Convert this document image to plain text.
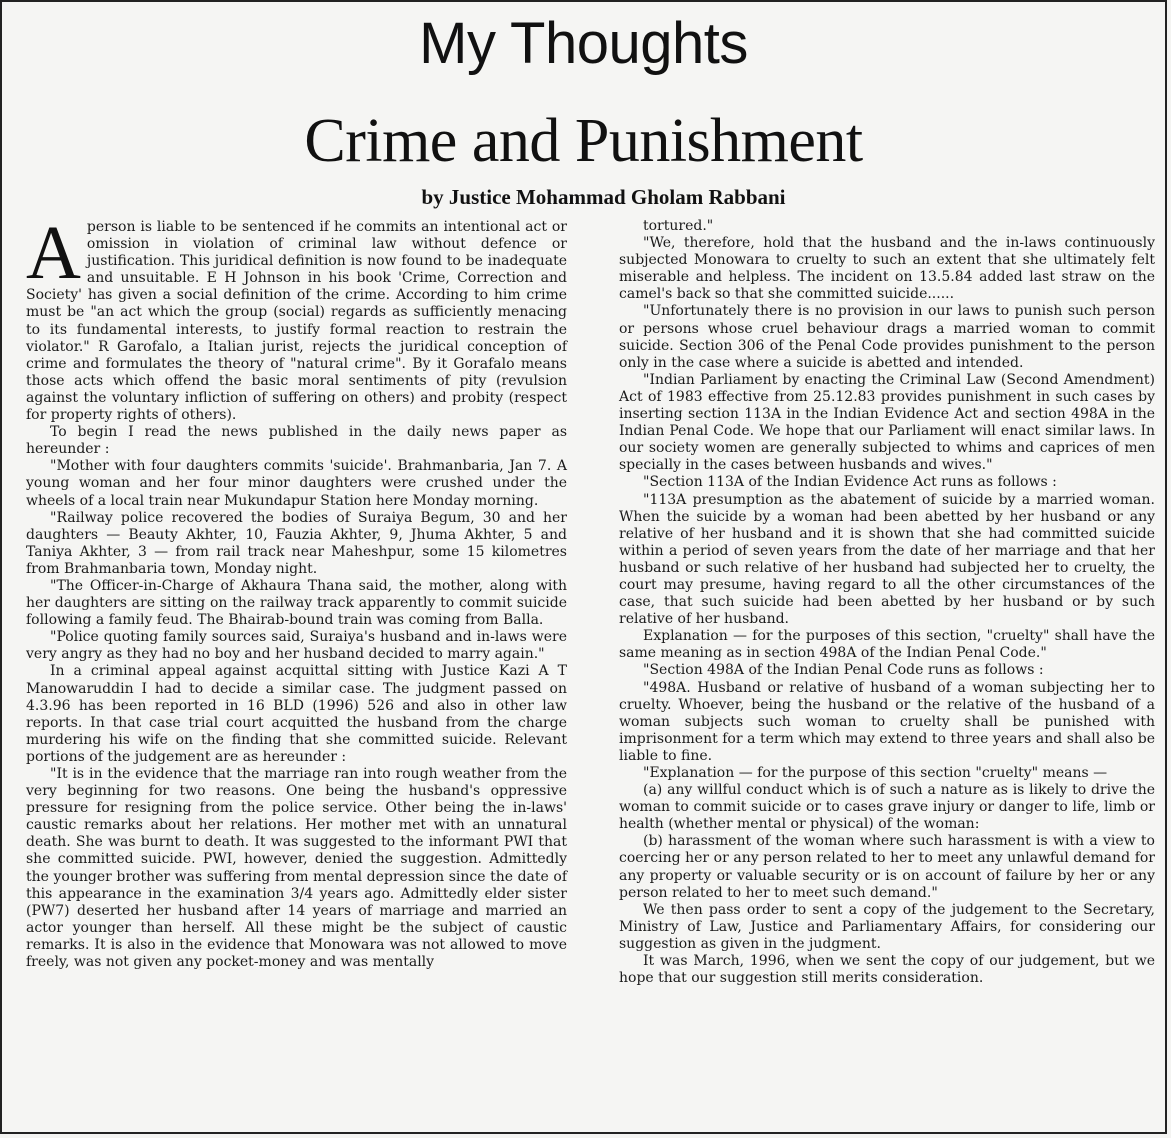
My Thoughts
Crime and Punishment
by Justice Mohammad Gholam Rabbani

Aperson is liable to be sentenced if he commits an intentional act or omission in violation of criminal law without defence or justification. This juridical definition is now found to be inadequate and unsuitable. E H Johnson in his book 'Crime, Correction and Society' has given a social definition of the crime. According to him crime must be "an act which the group (social) regards as sufficiently menacing to its fundamental interests, to justify formal reaction to restrain the violator." R Garofalo, a Italian jurist, rejects the juridical conception of crime and formulates the theory of "natural crime". By it Gorafalo means those acts which offend the basic moral sentiments of pity (revulsion against the voluntary infliction of suffering on others) and probity (respect for property rights of others).

To begin I read the news published in the daily news paper as hereunder :

"Mother with four daughters commits 'suicide'. Brahmanbaria, Jan 7. A young woman and her four minor daughters were crushed under the wheels of a local train near Mukundapur Station here Monday morning.

"Railway police recovered the bodies of Suraiya Begum, 30 and her daughters — Beauty Akhter, 10, Fauzia Akhter, 9, Jhuma Akhter, 5 and Taniya Akhter, 3 — from rail track near Maheshpur, some 15 kilometres from Brahmanbaria town, Monday night.

"The Officer-in-Charge of Akhaura Thana said, the mother, along with her daughters are sitting on the railway track apparently to commit suicide following a family feud. The Bhairab-bound train was coming from Balla.

"Police quoting family sources said, Suraiya's husband and in-laws were very angry as they had no boy and her husband decided to marry again."

In a criminal appeal against acquittal sitting with Justice Kazi A T Manowaruddin I had to decide a similar case. The judgment passed on 4.3.96 has been reported in 16 BLD (1996) 526 and also in other law reports. In that case trial court acquitted the husband from the charge murdering his wife on the finding that she committed suicide. Relevant portions of the judgement are as hereunder :

"It is in the evidence that the marriage ran into rough weather from the very beginning for two reasons. One being the husband's oppressive pressure for resigning from the police service. Other being the in-laws' caustic remarks about her relations. Her mother met with an unnatural death. She was burnt to death. It was suggested to the informant PWI that she committed suicide. PWI, however, denied the suggestion. Admittedly the younger brother was suffering from mental depression since the date of this appearance in the examination 3/4 years ago. Admittedly elder sister (PW7) deserted her husband after 14 years of marriage and married an actor younger than herself. All these might be the subject of caustic remarks. It is also in the evidence that Monowara was not allowed to move freely, was not given any pocket-money and was mentally

tortured."

"We, therefore, hold that the husband and the in-laws continuously subjected Monowara to cruelty to such an extent that she ultimately felt miserable and helpless. The incident on 13.5.84 added last straw on the camel's back so that she committed suicide......

"Unfortunately there is no provision in our laws to punish such person or persons whose cruel behaviour drags a married woman to commit suicide. Section 306 of the Penal Code provides punishment to the person only in the case where a suicide is abetted and intended.

"Indian Parliament by enacting the Criminal Law (Second Amendment) Act of 1983 effective from 25.12.83 provides punishment in such cases by inserting section 113A in the Indian Evidence Act and section 498A in the Indian Penal Code. We hope that our Parliament will enact similar laws. In our society women are generally subjected to whims and caprices of men specially in the cases between husbands and wives."

"Section 113A of the Indian Evidence Act runs as follows :

"113A presumption as the abatement of suicide by a married woman. When the suicide by a woman had been abetted by her husband or any relative of her husband and it is shown that she had committed suicide within a period of seven years from the date of her marriage and that her husband or such relative of her husband had subjected her to cruelty, the court may presume, having regard to all the other circumstances of the case, that such suicide had been abetted by her husband or by such relative of her husband.

Explanation — for the purposes of this section, "cruelty" shall have the same meaning as in section 498A of the Indian Penal Code."

"Section 498A of the Indian Penal Code runs as follows :

"498A. Husband or relative of husband of a woman subjecting her to cruelty. Whoever, being the husband or the relative of the husband of a woman subjects such woman to cruelty shall be punished with imprisonment for a term which may extend to three years and shall also be liable to fine.

"Explanation — for the purpose of this section "cruelty" means —

(a) any willful conduct which is of such a nature as is likely to drive the woman to commit suicide or to cases grave injury or danger to life, limb or health (whether mental or physical) of the woman:

(b) harassment of the woman where such harassment is with a view to coercing her or any person related to her to meet any unlawful demand for any property or valuable security or is on account of failure by her or any person related to her to meet such demand."

We then pass order to sent a copy of the judgement to the Secretary, Ministry of Law, Justice and Parliamentary Affairs, for considering our suggestion as given in the judgment.

It was March, 1996, when we sent the copy of our judgement, but we hope that our suggestion still merits consideration.
